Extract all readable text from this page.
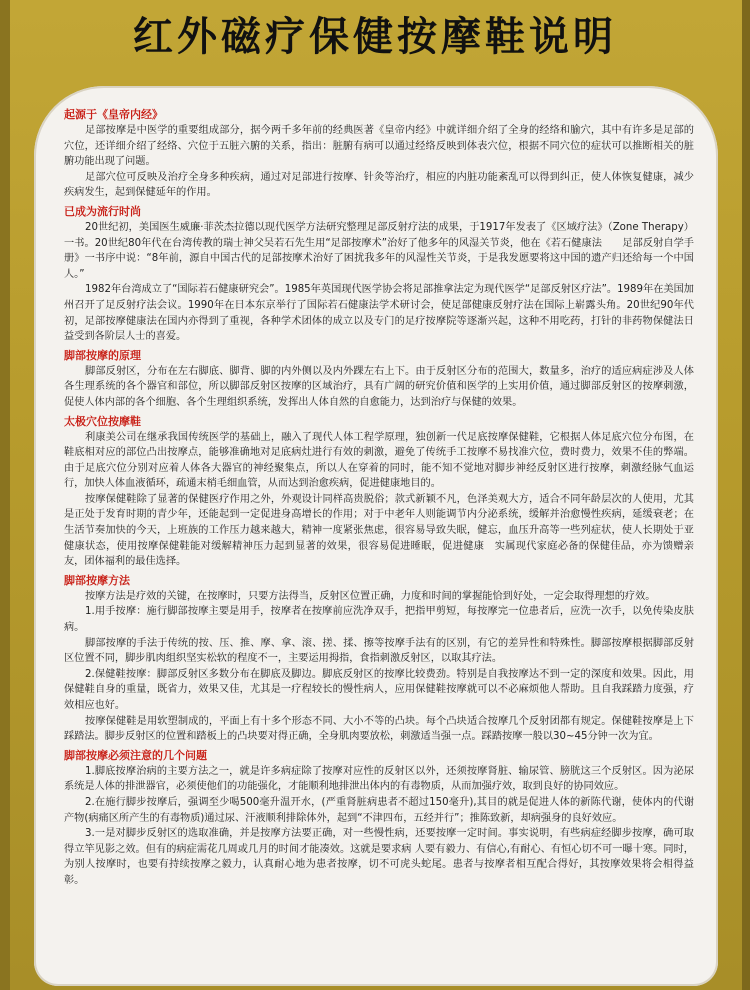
红外磁疗保健按摩鞋说明
起源于《皇帝内经》

足部按摩是中医学的重要组成部分，据今两千多年前的经典医著《皇帝内经》中就详细介绍了全身的经络和腧穴，其中有许多是足部的穴位，还详细介绍了经络、穴位于五脏六腑的关系，指出：脏腑有病可以通过经络反映到体表穴位，根据不同穴位的症状可以推断相关的脏腑功能出现了问题。

足部穴位可反映及治疗全身多种疾病，通过对足部进行按摩、针灸等治疗，相应的内脏功能紊乱可以得到纠正，使人体恢复健康，减少疾病发生，起到保健延年的作用。

已成为流行时尚

20世纪初，美国医生威廉·菲茨杰拉德以现代医学方法研究整理足部反射疗法的成果，于1917年发表了《区域疗法》（Zone Therapy）一书。20世纪80年代在台湾传教的瑞士神父吴若石先生用“足部按摩术”治好了他多年的风湿关节炎，他在《若石健康法　　足部反射自学手册》一书序中说：“8年前，源自中国古代的足部按摩术治好了困扰我多年的风湿性关节炎，于是我发愿要将这中国的遗产归还给每一个中国人。”

1982年台湾成立了“国际若石健康研究会”。1985年英国现代医学协会将足部推拿法定为现代医学“足部反射区疗法”。1989年在美国加州召开了足反射疗法会议。1990年在日本东京举行了国际若石健康法学术研讨会，使足部健康反射疗法在国际上崭露头角。20世纪90年代初，足部按摩健康法在国内亦得到了重视，各种学术团体的成立以及专门的足疗按摩院等逐渐兴起，这种不用吃药，打针的非药物保健法日益受到各阶层人士的喜爱。

脚部按摩的原理

脚部反射区，分布在左右脚底、脚背、脚的内外侧以及内外踝左右上下。由于反射区分布的范围大，数量多，治疗的适应病症涉及人体各生理系统的各个器官和部位，所以脚部反射区按摩的区域治疗，具有广阔的研究价值和医学的上实用价值，通过脚部反射区的按摩刺激，促使人体内部的各个细胞、各个生理组织系统，发挥出人体自然的自愈能力，达到治疗与保健的效果。

太极穴位按摩鞋

利康美公司在继承我国传统医学的基础上，融入了现代人体工程学原理，独创新一代足底按摩保健鞋，它根据人体足底穴位分布图，在鞋底相对应的部位凸出按摩点，能够准确地对足底病灶进行有效的刺激，避免了传统手工按摩不易找准穴位，费时费力，效果不佳的弊端。由于足底穴位分别对应着人体各大器官的神经聚集点，所以人在穿着的同时，能不知不觉地对脚步神经反射区进行按摩，刺激经脉气血运行，加快人体血液循环，疏通末梢毛细血管，从而达到治愈疾病，促进健康地目的。

按摩保健鞋除了显著的保健医疗作用之外，外观设计同样高贵脱俗；款式新颖不凡，色泽美观大方，适合不同年龄层次的人使用，尤其是正处于发育时期的青少年，还能起到一定促进身高增长的作用；对于中老年人则能调节内分泌系统，缓解并治愈慢性疾病，延缓衰老；在生活节奏加快的今天，上班族的工作压力越来越大，精神一度紧张焦虑，很容易导致失眠，健忘，血压升高等一些列症状，使人长期处于亚健康状态，使用按摩保健鞋能对缓解精神压力起到显著的效果，很容易促进睡眠，促进健康　实属现代家庭必备的保健佳品，亦为馈赠亲友，团体福利的最佳选择。

脚部按摩方法

按摩方法是疗效的关键，在按摩时，只要方法得当，反射区位置正确，力度和时间的掌握能恰到好处，一定会取得理想的疗效。

1.用手按摩：施行脚部按摩主要是用手，按摩者在按摩前应洗净双手，把指甲剪短，每按摩完一位患者后，应洗一次手，以免传染皮肤病。

脚部按摩的手法于传统的按、压、推、摩、拿、滚、搓、揉、擦等按摩手法有的区别，有它的差异性和特殊性。脚部按摩根据脚部反射区位置不同，脚步肌肉组织坚实松软的程度不一，主要运用拇指，食指刺激反射区，以取其疗法。

2.保健鞋按摩：脚部反射区多数分布在脚底及脚边。脚底反射区的按摩比较费劲。特别是自我按摩达不到一定的深度和效果。因此，用保健鞋自身的重量，既省力，效果又佳，尤其是一疗程较长的慢性病人，应用保健鞋按摩就可以不必麻烦他人帮助。且自我踩踏力度强，疗效相应也好。

按摩保健鞋是用软塑制成的，平面上有十多个形态不同、大小不等的凸块。每个凸块适合按摩几个反射团都有规定。保健鞋按摩是上下踩踏法。脚步反射区的位置和踏板上的凸块要对得正确，全身肌肉要放松，刺激适当强一点。踩踏按摩一般以30~45分钟一次为宜。

脚部按摩必须注意的几个问题

1.脚底按摩治病的主要方法之一，就是许多病症除了按摩对应性的反射区以外，还须按摩肾脏、输尿管、膀胱这三个反射区。因为泌尿系统是人体的排泄器官，必须使他们的功能强化，才能顺利地排泄出体内的有毒物质，从而加强疗效，取到良好的协同效应。

2.在施行脚步按摩后，强调至少喝500毫升温开水，(严重肾脏病患者不超过150毫升),其目的就是促进人体的新陈代谢，使体内的代谢产物(病痛区所产生的有毒物质)通过尿、汗液顺利排除体外，起到“不津四布，五经并行”；推陈致新，却病强身的良好效应。

3.一是对脚步反射区的选取准确，并是按摩方法要正确，对一些慢性病，还要按摩一定时间。事实说明，有些病症经脚步按摩，确可取得立竿见影之效。但有的病症需花几周或几月的时间才能凑效。这就是要求病 人要有毅力、有信心,有耐心、有恒心切不可一曝十寒。同时，为别人按摩时，也要有持续按摩之毅力，认真耐心地为患者按摩，切不可虎头蛇尾。患者与按摩者相互配合得好，其按摩效果将会相得益彰。
